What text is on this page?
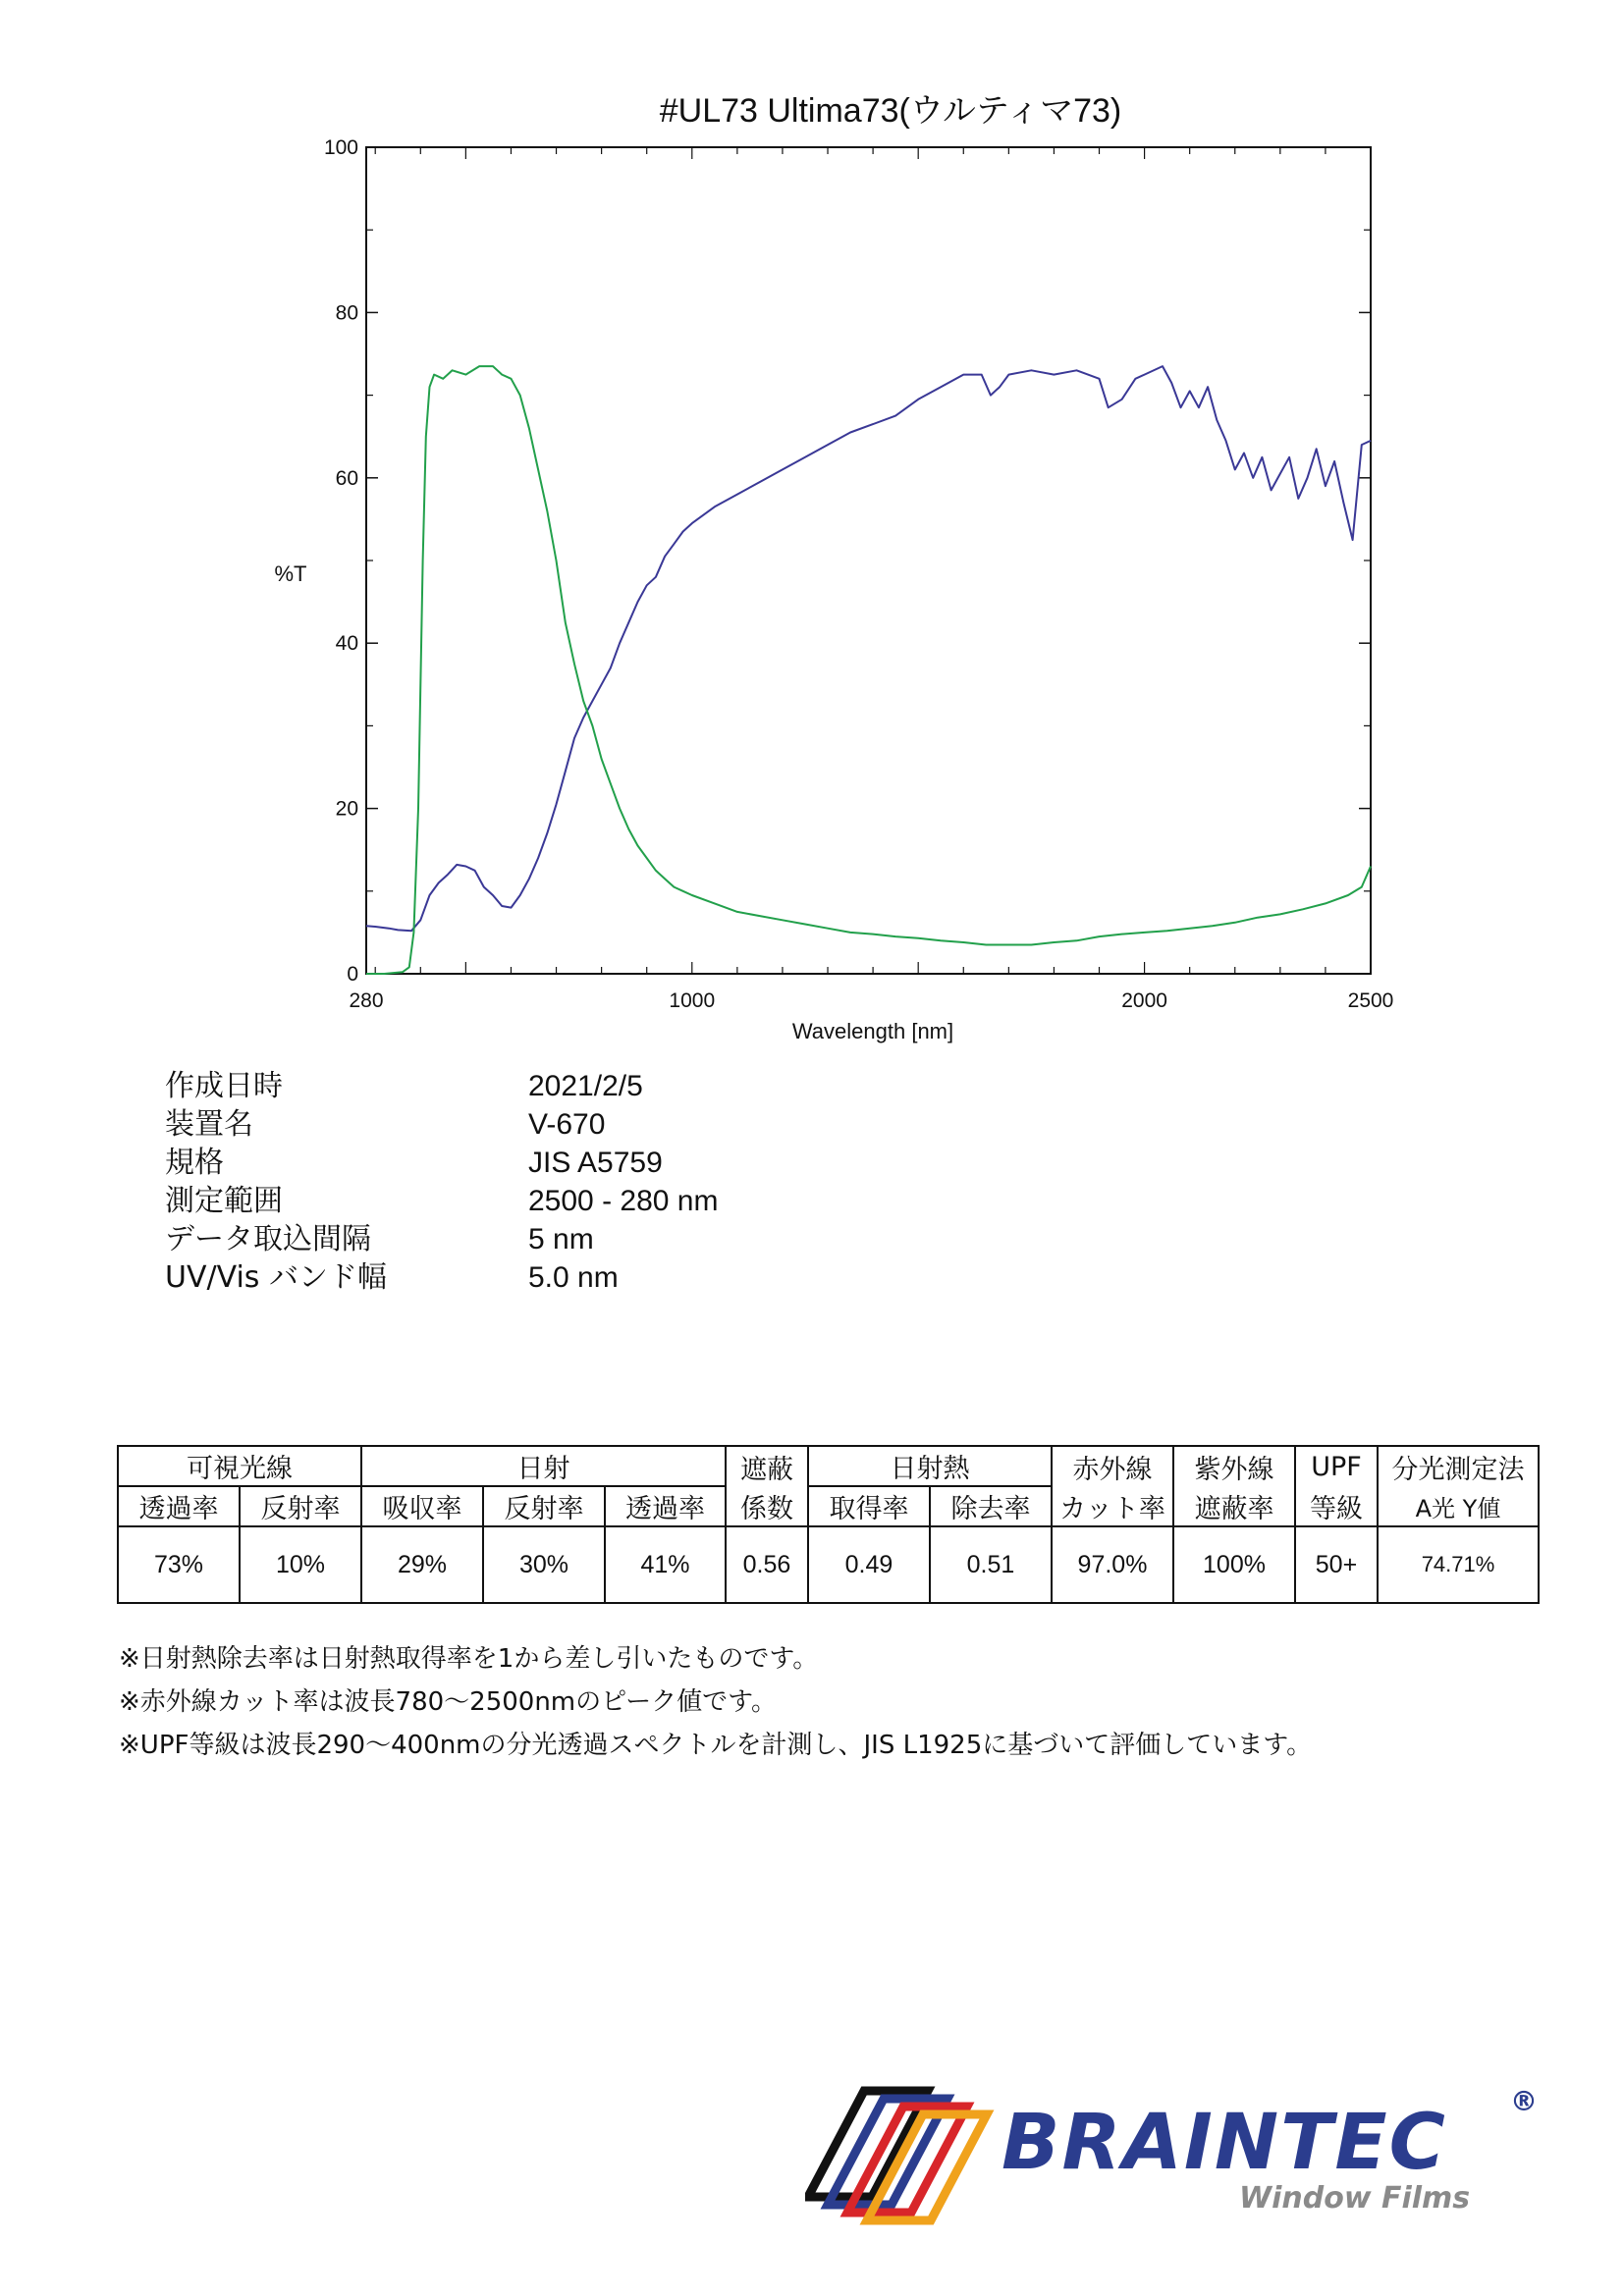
#UL73 Ultima73(ウルティマ73)
0
20
40
60
80
100
280	1000	2000	2500
%T
Wavelength [nm]
作成日時	2021/2/5
装置名	V-670
規格	JIS A5759
測定範囲	2500 - 280 nm
データ取込間隔	5 nm
UV/Vis バンド幅	5.0 nm
可視光線		日射			遮蔽	日射熱		赤外線	紫外線	UPF	分光測定法
透過率	反射率	吸収率	反射率	透過率	係数	取得率	除去率	カット率	遮蔽率	等級	A光 Y値
73%	10%	29%	30%	41%	0.56	0.49	0.51	97.0%	100%	50+	74.71%
※日射熱除去率は日射熱取得率を1から差し引いたものです。
※赤外線カット率は波長780～2500nmのピーク値です。
※UPF等級は波長290～400nmの分光透過スペクトルを計測し、JIS L1925に基づいて評価しています。
BRAINTEC ®
Window Films
